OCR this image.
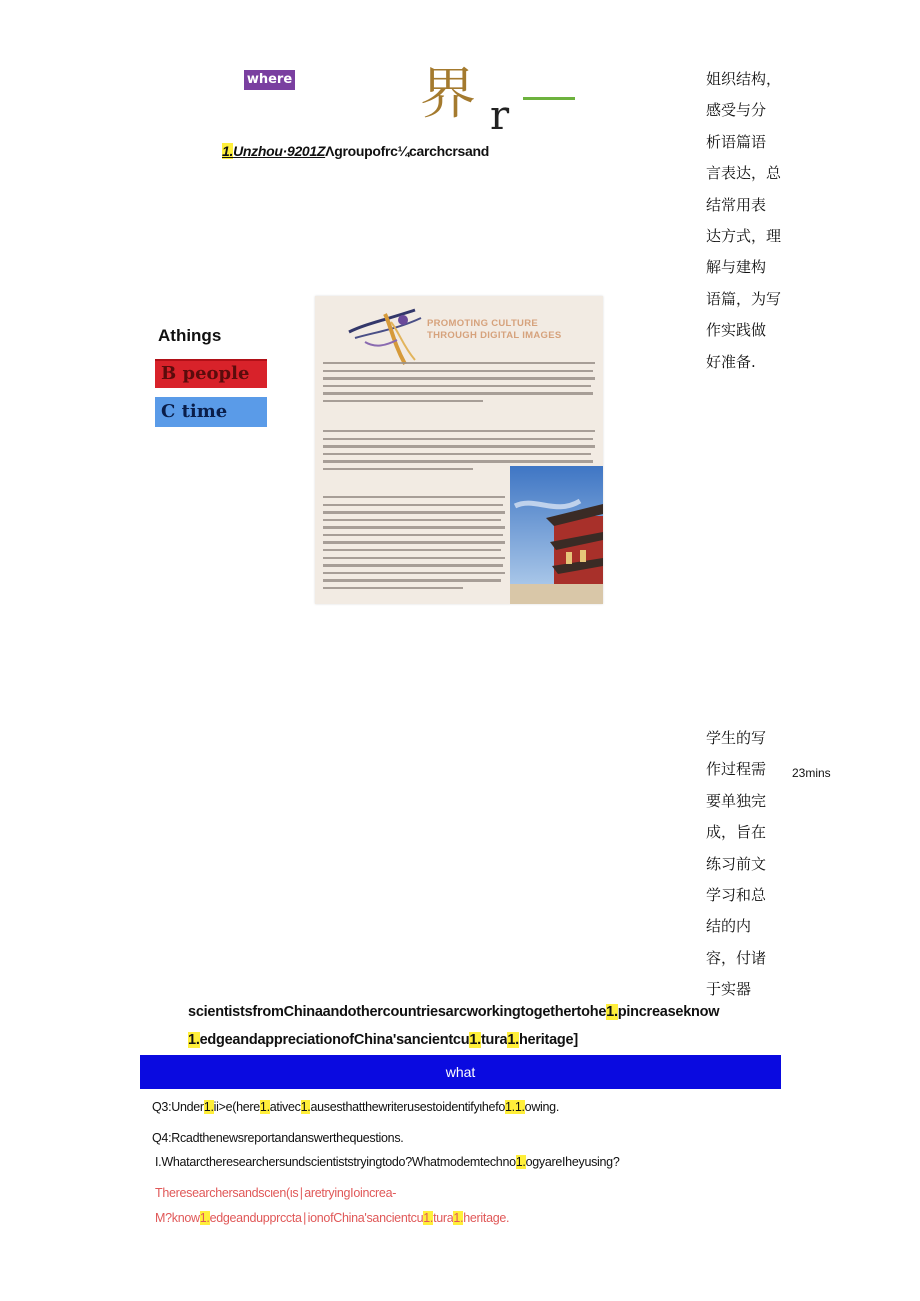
where 界 r
1.Unzhou·9201ZΛgroupofrc¼carchcrsand
姐织结构，
感受与分
析语篇语
言表达，总
结常用表
达方式，理
解与建构
语篇，为写
作实践做
好准备.
学生的写
作过程需
要单独完
成，旨在
练习前文
学习和总
结的内
容，付诸
于实器
23mins
Athings
B people
C time
PROMOTING CULTURE
THROUGH DIGITAL IMAGES
scientistsfromChinaandothercountriesarcworkingtogethertohe1.pincreaseknow
1.edgeandappreciationofChina'sancientcu1.tura1.heritage]
what
Q3:Under1.ii>e(here1.ativec1.ausesthatthewriterusestoidentifyιhefo1.1.owing.
Q4:Rcadthenewsreportandanswerthequestions.
I.Whatarctheresearchersundscientiststryingtodo?Whatmodemtechno1.ogyareIheyusing?
Theresearchersandscιen(ιs∣aretryingIoincrea-
M?know1.edgeandupprccta∣ionofChina'sancientcu1.tura1.heritage.
